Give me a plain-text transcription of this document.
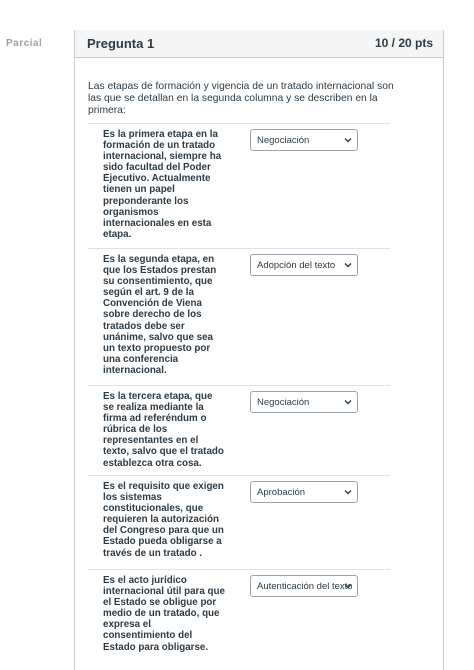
Parcial	Pregunta 1	10 / 20 pts
Las etapas de formación y vigencia de un tratado internacional son las que se detallan en la segunda columna y se describen en la primera:
Es la primera etapa en la formación de un tratado internacional, siempre ha sido facultad del Poder Ejecutivo. Actualmente tienen un papel preponderante los organismos internacionales en esta etapa.
Negociación
Es la segunda etapa, en que los Estados prestan su consentimiento, que según el art. 9 de la Convención de Viena sobre derecho de los tratados debe ser unánime, salvo que sea un texto propuesto por una conferencia internacional.
Adopción del texto
Es la tercera etapa, que se realiza mediante la firma ad referéndum o rúbrica de los representantes en el texto, salvo que el tratado establezca otra cosa.
Negociación
Es el requisito que exigen los sistemas constitucionales, que requieren la autorización del Congreso para que un Estado pueda obligarse a través de un tratado .
Aprobación
Es el acto jurídico internacional útil para que el Estado se obligue por medio de un tratado, que expresa el consentimiento del Estado para obligarse.
Autenticación del texto
